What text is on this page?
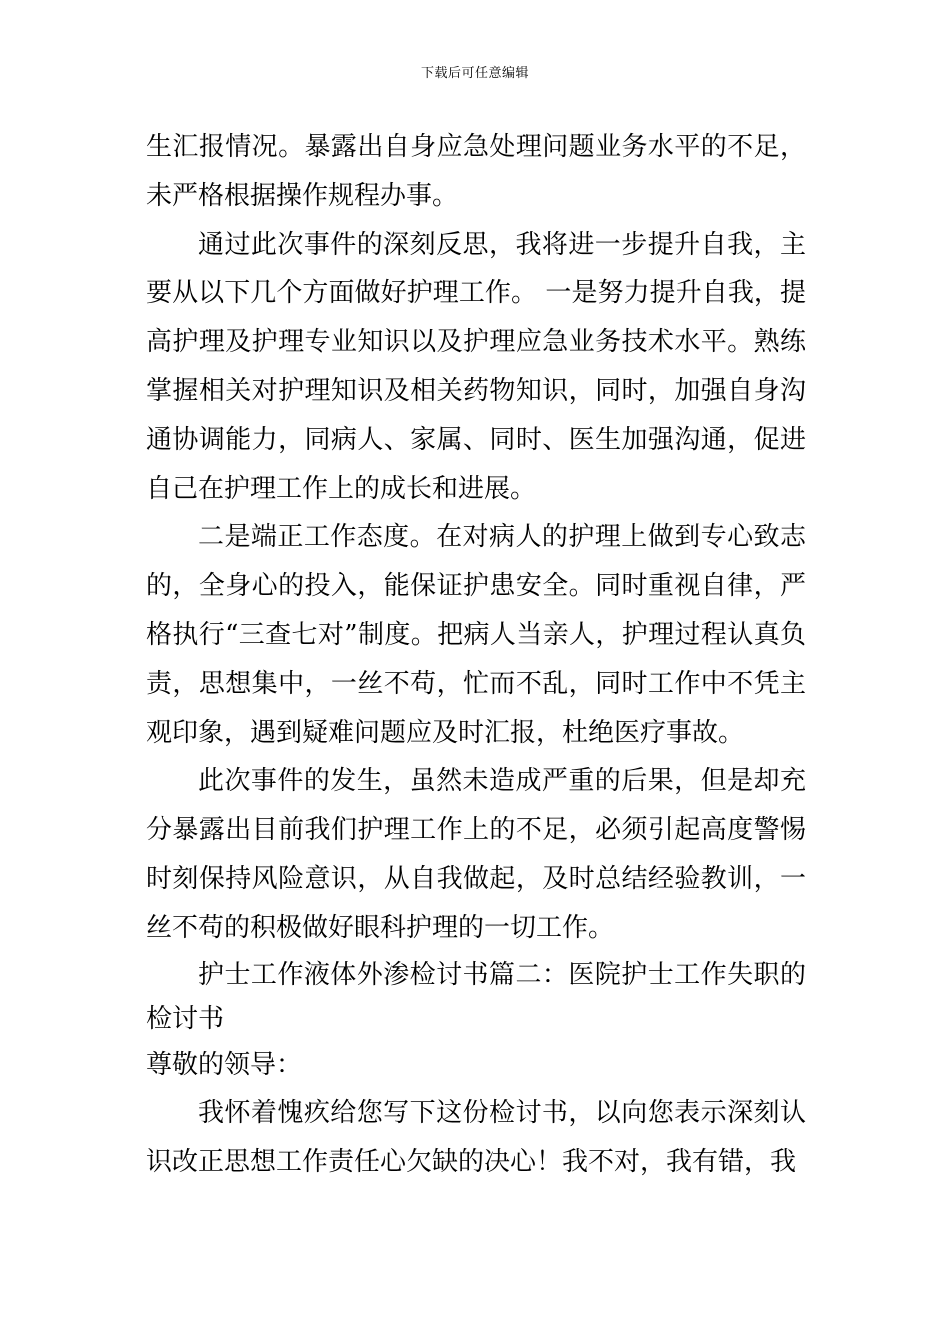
下载后可任意编辑

生汇报情况。暴露出自身应急处理问题业务水平的不足，未严格根据操作规程办事。

通过此次事件的深刻反思，我将进一步提升自我，主要从以下几个方面做好护理工作。 一是努力提升自我，提高护理及护理专业知识以及护理应急业务技术水平。熟练掌握相关对护理知识及相关药物知识，同时，加强自身沟通协调能力，同病人、家属、同时、医生加强沟通，促进自己在护理工作上的成长和进展。

二是端正工作态度。在对病人的护理上做到专心致志的，全身心的投入，能保证护患安全。同时重视自律，严格执行“三查七对”制度。把病人当亲人，护理过程认真负责，思想集中，一丝不苟，忙而不乱，同时工作中不凭主观印象，遇到疑难问题应及时汇报，杜绝医疗事故。

此次事件的发生，虽然未造成严重的后果，但是却充分暴露出目前我们护理工作上的不足，必须引起高度警惕时刻保持风险意识，从自我做起，及时总结经验教训，一丝不苟的积极做好眼科护理的一切工作。

护士工作液体外渗检讨书篇二：医院护士工作失职的检讨书

尊敬的领导：

我怀着愧疚给您写下这份检讨书，以向您表示深刻认识改正思想工作责任心欠缺的决心！我不对，我有错，我
